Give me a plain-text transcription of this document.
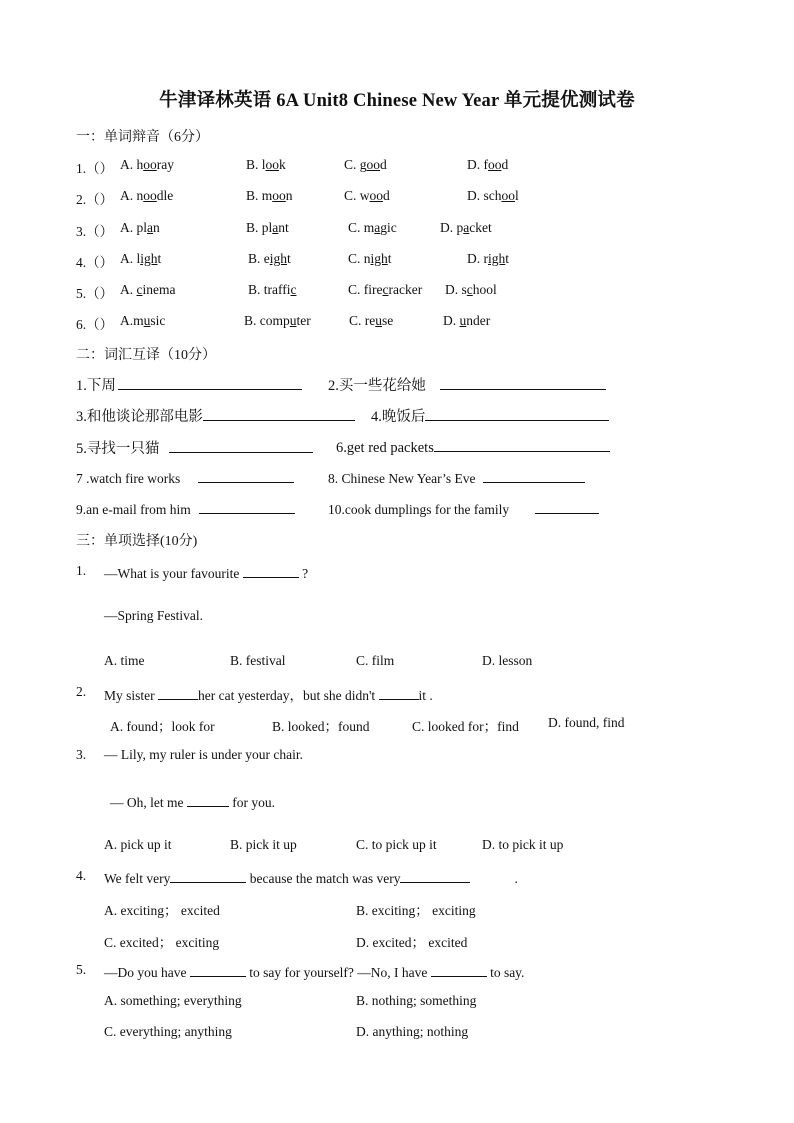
牛津译林英语 6A Unit8 Chinese New Year 单元提优测试卷
一：单词辩音（6分）
1.（） A. hooray	B. look	C. good	D. food
2.（） A. noodle	B. moon	C. wood	D. school
3.（） A. plan	B. plant	C. magic	D. packet
4.（） A. light	B. eight	C. night	D. right
5.（） A. cinema	B. traffic	C. firecracker D. school
6.（） A.music	B. computer	C. reuse	D. under
二：词汇互译（10分）
1.下周	2.买一些花给她
3.和他谈论那部电影	4.晚饭后
5.寻找一只猫	6.get red packets
7 .watch fire works	8. Chinese New Year’s Eve
9.an e-mail from him	10.cook dumplings for the family
三：单项选择(10分)
1. —What is your favourite	?
—Spring Festival.
A. time	B. festival	C. film	D. lesson
2. My sister	her cat yesterday，but she didn't	it .
A. found；look for	B. looked；found	C. looked for；find D. found, find
3. — Lily, my ruler is under your chair.
— Oh, let me	for you.
A. pick up it	B. pick it up	C. to pick up it	D. to pick it up
4. We felt very	because the match was very	.
A. exciting； excited	B. exciting； exciting
C. excited； exciting	D. excited； excited
5. —Do you have	to say for yourself? —No, I have	to say.
A. something; everything	B. nothing; something
C. everything; anything	D. anything; nothing
